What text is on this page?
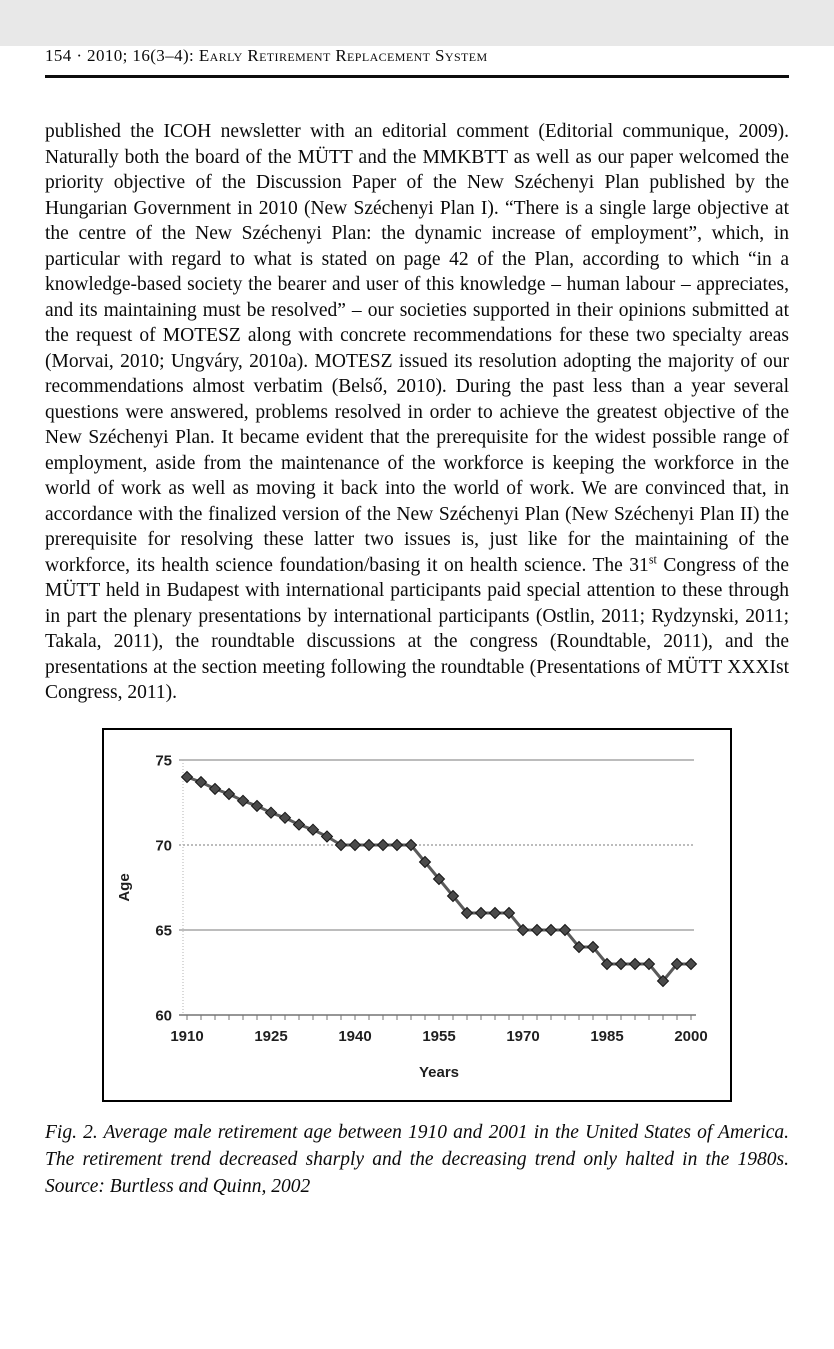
154 · 2010; 16(3–4): Early Retirement Replacement System

published the ICOH newsletter with an editorial comment (Editorial communique, 2009). Naturally both the board of the MÜTT and the MMKBTT as well as our paper welcomed the priority objective of the Discussion Paper of the New Széchenyi Plan published by the Hungarian Government in 2010 (New Széchenyi Plan I). “There is a single large objective at the centre of the New Széchenyi Plan: the dynamic increase of employment”, which, in particular with regard to what is stated on page 42 of the Plan, according to which “in a knowledge-based society the bearer and user of this knowledge – human labour – appreciates, and its maintaining must be resolved” – our societies supported in their opinions submitted at the request of MOTESZ along with concrete recommendations for these two specialty areas (Morvai, 2010; Ungváry, 2010a). MOTESZ issued its resolution adopting the majority of our recommendations almost verbatim (Belső, 2010). During the past less than a year several questions were answered, problems resolved in order to achieve the greatest objective of the New Széchenyi Plan. It became evident that the prerequisite for the widest possible range of employment, aside from the maintenance of the workforce is keeping the workforce in the world of work as well as moving it back into the world of work. We are convinced that, in accordance with the finalized version of the New Széchenyi Plan (New Széchenyi Plan II) the prerequisite for resolving these latter two issues is, just like for the maintaining of the workforce, its health science foundation/basing it on health science. The 31st Congress of the MÜTT held in Budapest with international participants paid special attention to these through in part the plenary presentations by international participants (Ostlin, 2011; Rydzynski, 2011; Takala, 2011), the roundtable discussions at the congress (Roundtable, 2011), and the presentations at the section meeting following the roundtable (Presentations of MÜTT XXXIst Congress, 2011).

60
65
70
75
1910	1925	1940	1955	1970	1985	2000
Age
Years

Fig. 2. Average male retirement age between 1910 and 2001 in the United States of America. The retirement trend decreased sharply and the decreasing trend only halted in the 1980s. Source: Burtless and Quinn, 2002
